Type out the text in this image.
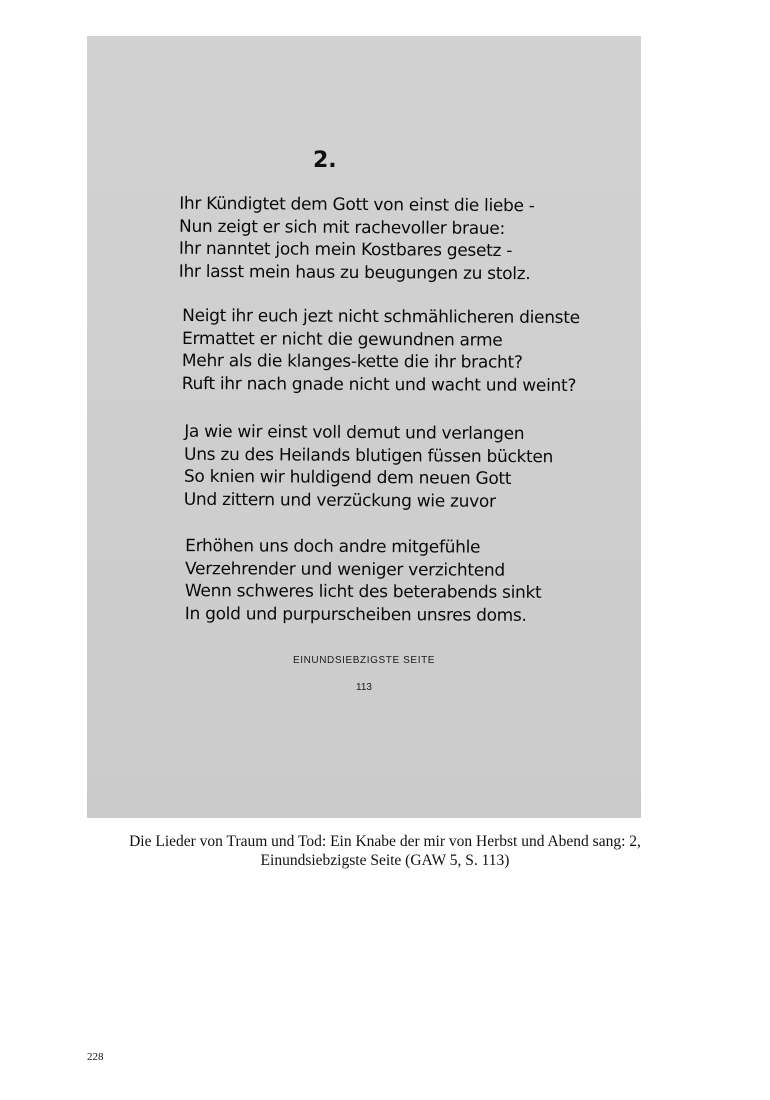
2.
Ihr Kündigtet dem Gott von einst die liebe -
Nun zeigt er sich mit rachevoller braue:
Ihr nanntet joch mein Kostbares gesetz -
Ihr lasst mein haus zu beugungen zu stolz.
Neigt ihr euch jezt nicht schmählicheren dienste
Ermattet er nicht die gewundnen arme
Mehr als die klanges-kette die ihr bracht?
Ruft ihr nach gnade nicht und wacht und weint?
Ja wie wir einst voll demut und verlangen
Uns zu des Heilands blutigen füssen bückten
So knien wir huldigend dem neuen Gott
Und zittern und verzückung wie zuvor
Erhöhen uns doch andre mitgefühle
Verzehrender und weniger verzichtend
Wenn schweres licht des beterabends sinkt
In gold und purpurscheiben unsres doms.
EINUNDSIEBZIGSTE SEITE
113
Die Lieder von Traum und Tod: Ein Knabe der mir von Herbst und Abend sang: 2, Einundsiebzigste Seite (GAW 5, S. 113)
228
